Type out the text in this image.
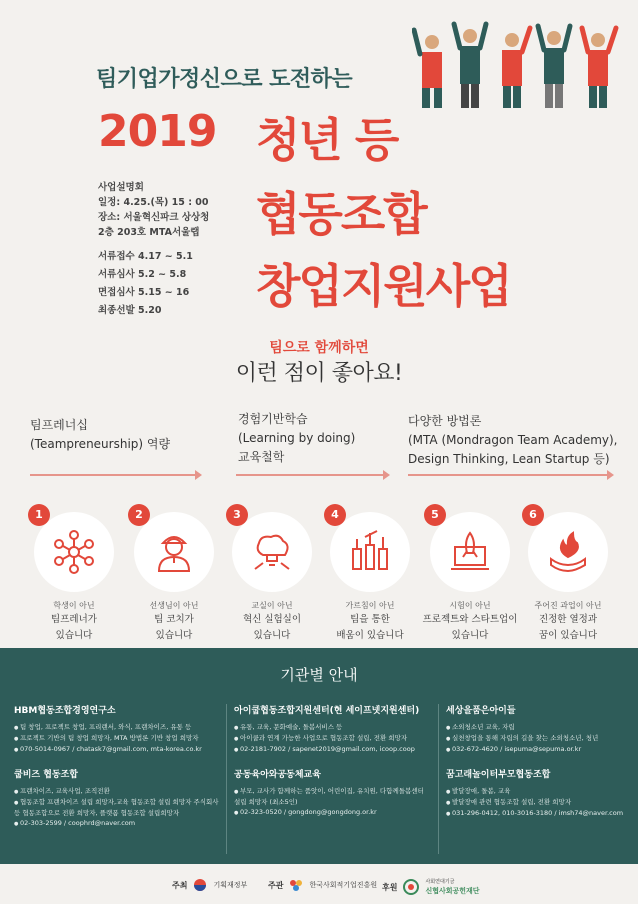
팀기업가정신으로 도전하는
2019 청년 등
협동조합
창업지원사업
사업설명회
일정: 4.25.(목) 15 : 00
장소: 서울혁신파크 상상청
2층 203호 MTA서울랩
서류접수 4.17 ~ 5.1
서류심사 5.2 ~ 5.8
면접심사 5.15 ~ 16
최종선발 5.20
팀으로 함께하면
이런 점이 좋아요!
팀프레너십
(Teampreneurship) 역량
경험기반학습
(Learning by doing)
교육철학
다양한 방법론
(MTA (Mondragon Team Academy),
Design Thinking, Lean Startup 등)
1
학생이 아닌
팀프레너가
있습니다
2
선생님이 아닌
팀 코치가
있습니다
3
교실이 아닌
혁신 실험실이
있습니다
4
가르침이 아닌
팀을 통한
배움이 있습니다
5
시험이 아닌
프로젝트와 스타트업이
있습니다
6
주어진 과업이 아닌
진정한 열정과
꿈이 있습니다
기관별 안내
HBM협동조합경영연구소
● 팀 창업, 프로젝트 창업, 프리랜서, 와식, 프랜차이즈, 유통 등
● 프로젝트 기반의 팀 창업 희망자, MTA 방법론 기반 창업 희망자
● 070-5014-0967 / chatask7@gmail.com, mta-korea.co.kr
아이쿱협동조합지원센터(현 세이프넷지원센터)
● 유통, 교육, 문화예술, 돌봄서비스 등
● 아이쿱과 연계 가능한 사업으로 협동조합 설립, 전환 희망자
● 02-2181-7902 / sapenet2019@gmail.com, icoop.coop
세상을품은아이들
● 소외청소년 교육, 자립
● 실천창업을 통해 자립의 길을 찾는 소외청소년, 청년
● 032-672-4620 / isepuma@sepuma.or.kr
쿱비즈 협동조합
● 프랜차이즈, 교육사업, 조직전환
● 협동조합 프랜차이즈 설립 희망자,교육 협동조합 설립 희망자 주식회사 등 협동조합으로 전환 희망자, 플랫폼 협동조합 설립희망자
● 02-303-2599 / coophrd@naver.com
공동육아와공동체교육
● 부모, 교사가 함께하는 품앗이, 어린이집, 유치원, 다함께돌봄센터 설립 희망자 (최소5인)
● 02-323-0520 / gongdong@gongdong.or.kr
꿈고래놀이터부모협동조합
● 발달장애, 돌봄, 교육
● 발달장애 관련 협동조합 설립, 전환 희망자
● 031-296-0412, 010-3016-3180 / imsh74@naver.com
주최	기획재정부	주관	한국사회적기업진흥원 후원
사회연대기금
신협사회공헌재단
